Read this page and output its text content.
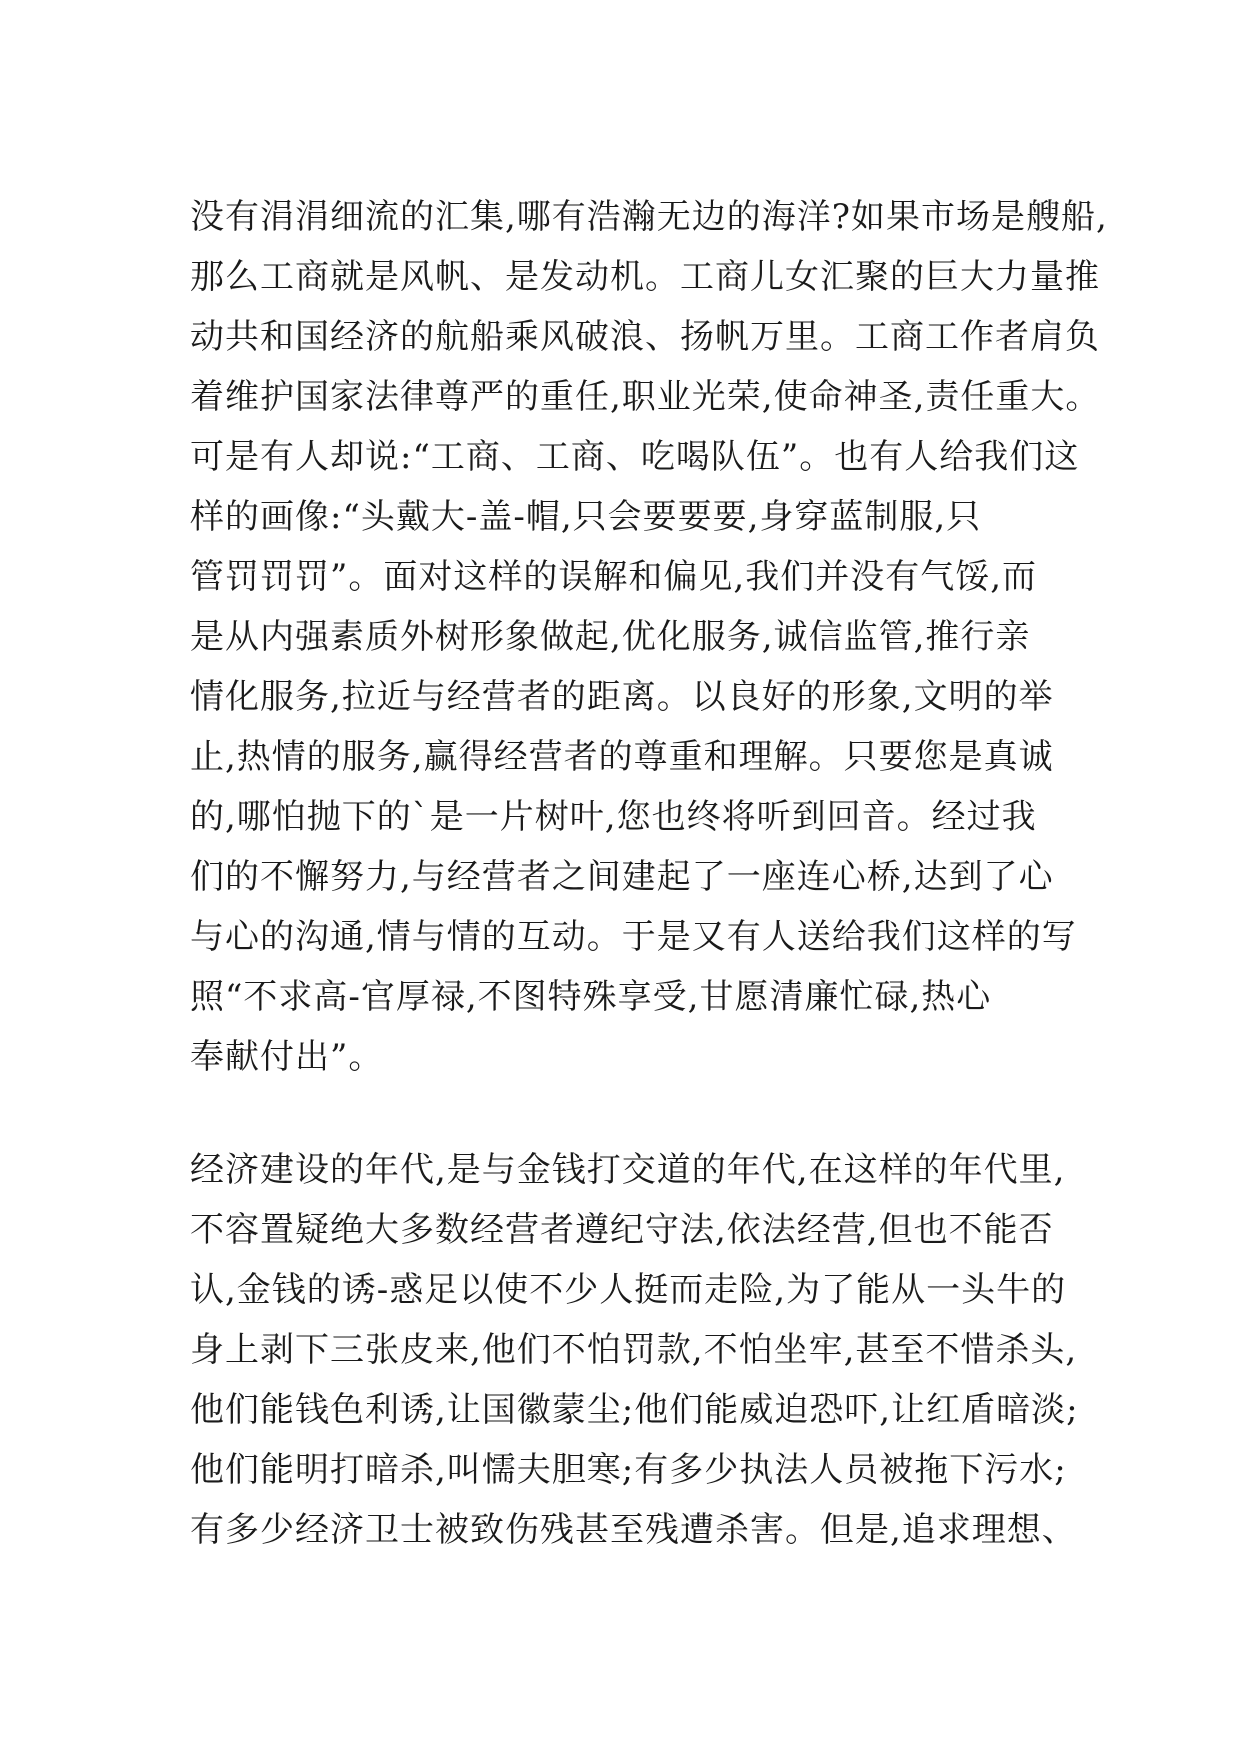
没有涓涓细流的汇集,哪有浩瀚无边的海洋?如果市场是艘船,
那么工商就是风帆、是发动机。工商儿女汇聚的巨大力量推
动共和国经济的航船乘风破浪、扬帆万里。工商工作者肩负
着维护国家法律尊严的重任,职业光荣,使命神圣,责任重大。
可是有人却说:“工商、工商、吃喝队伍”。也有人给我们这
样的画像:“头戴大-盖-帽,只会要要要,身穿蓝制服,只
管罚罚罚”。面对这样的误解和偏见,我们并没有气馁,而
是从内强素质外树形象做起,优化服务,诚信监管,推行亲
情化服务,拉近与经营者的距离。以良好的形象,文明的举
止,热情的服务,赢得经营者的尊重和理解。只要您是真诚
的,哪怕抛下的`是一片树叶,您也终将听到回音。经过我
们的不懈努力,与经营者之间建起了一座连心桥,达到了心
与心的沟通,情与情的互动。于是又有人送给我们这样的写
照“不求高-官厚禄,不图特殊享受,甘愿清廉忙碌,热心
奉献付出”。
经济建设的年代,是与金钱打交道的年代,在这样的年代里,
不容置疑绝大多数经营者遵纪守法,依法经营,但也不能否
认,金钱的诱-惑足以使不少人挺而走险,为了能从一头牛的
身上剥下三张皮来,他们不怕罚款,不怕坐牢,甚至不惜杀头,
他们能钱色利诱,让国徽蒙尘;他们能威迫恐吓,让红盾暗淡;
他们能明打暗杀,叫懦夫胆寒;有多少执法人员被拖下污水;
有多少经济卫士被致伤残甚至残遭杀害。但是,追求理想、
